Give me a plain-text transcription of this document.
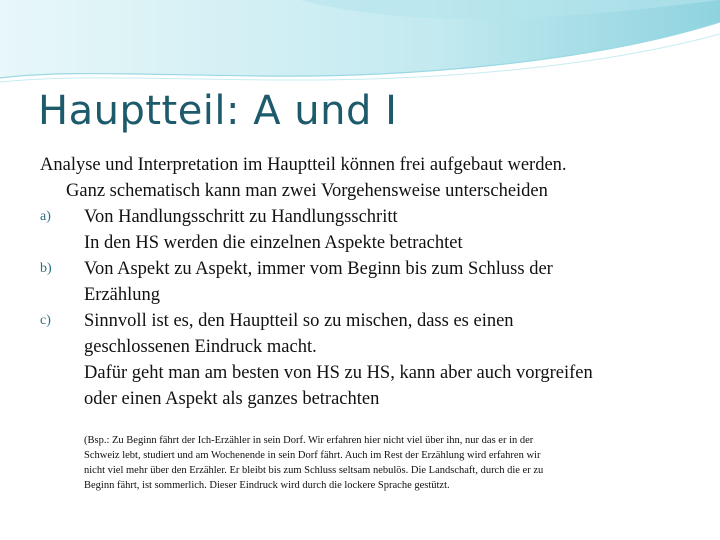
Hauptteil: A und I
Analyse und Interpretation im Hauptteil können frei aufgebaut werden.
Ganz schematisch kann man zwei Vorgehensweise unterscheiden
a)	Von Handlungsschritt zu Handlungsschritt
In den HS werden die einzelnen Aspekte betrachtet
b)	Von Aspekt zu Aspekt, immer vom Beginn bis zum Schluss der
Erzählung
c)	Sinnvoll ist es, den Hauptteil so zu mischen, dass es einen
geschlossenen Eindruck macht.
Dafür geht man am besten von HS zu HS, kann aber auch vorgreifen
oder einen Aspekt als ganzes betrachten
(Bsp.: Zu Beginn fährt der Ich-Erzähler in sein Dorf. Wir erfahren hier nicht viel über ihn, nur das er in der
Schweiz lebt, studiert und am Wochenende in sein Dorf fährt. Auch im Rest der Erzählung wird erfahren wir
nicht viel mehr über den Erzähler. Er bleibt bis zum Schluss seltsam nebulös. Die Landschaft, durch die er zu
Beginn fährt, ist sommerlich. Dieser Eindruck wird durch die lockere Sprache gestützt.
